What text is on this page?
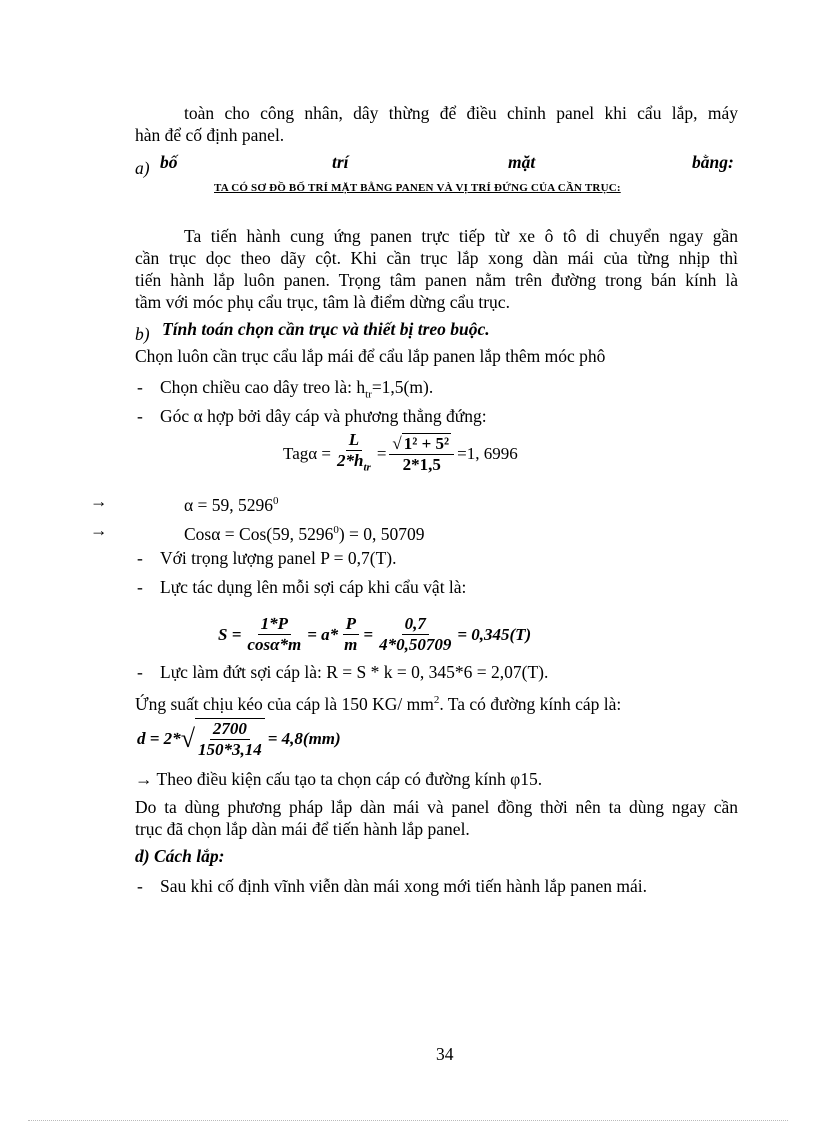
toàn cho công nhân, dây thừng để điều chỉnh panel khi cẩu lắp, máy
hàn để cố định panel.
a) bố	trí	mặt	bằng:
TA CÓ SƠ ĐỒ BỐ TRÍ MẶT BẰNG PANEN VÀ VỊ TRÍ ĐỨNG CỦA CẦN TRỤC:
Ta tiến hành cung ứng panen trực tiếp từ xe ô tô di chuyển ngay gần
cần trục dọc theo dãy cột. Khi cần trục lắp xong dàn mái của từng nhịp thì
tiến hành lắp luôn panen. Trọng tâm panen nằm trên đường trong bán kính là
tầm với móc phụ cẩu trục, tâm là điểm dừng cẩu trục.
b) Tính toán chọn cần trục và thiết bị treo buộc.
Chọn luôn cần trục cẩu lắp mái để cẩu lắp panen lắp thêm móc phô
- Chọn chiều cao dây treo là: $h_{tr}=1,5(m)$.
- Góc α hợp bởi dây cáp và phương thẳng đứng:
$Tag\alpha = \frac{L}{2*h_{tr}} = \frac{\text{√ 1² + 5²}}{2*1,5} =1$, 6996
→	α = 59, $5296^0$
→	Cosα = Cos(59, $5296^0) = 0$, 50709
- Với trọng lượng panel P = 0,7(T).
- Lực tác dụng lên mỗi sợi cáp khi cẩu vật là:
$S = \frac{1*P}{\cos\alpha*m} = a* \frac{P}{m} = \frac{0,7}{4*0,50709} = 0,345(T)$
- Lực làm đứt sợi cáp là: R = S * k = 0, 345*6 = 2,07(T).
Ứng suất chịu kéo của cáp là 150 KG/ $mm^2$. Ta có đường kính cáp là:
d = 2* √ $\frac{2700}{150*3,14} = 4,8(mm)$
→ Theo điều kiện cấu tạo ta chọn cáp có đường kính φ15.
Do ta dùng phương pháp lắp dàn mái và panel đồng thời nên ta dùng ngay cần
trục đã chọn lắp dàn mái để tiến hành lắp panel.
d) Cách lắp:
- Sau khi cố định vĩnh viễn dàn mái xong mới tiến hành lắp panen mái.
34
